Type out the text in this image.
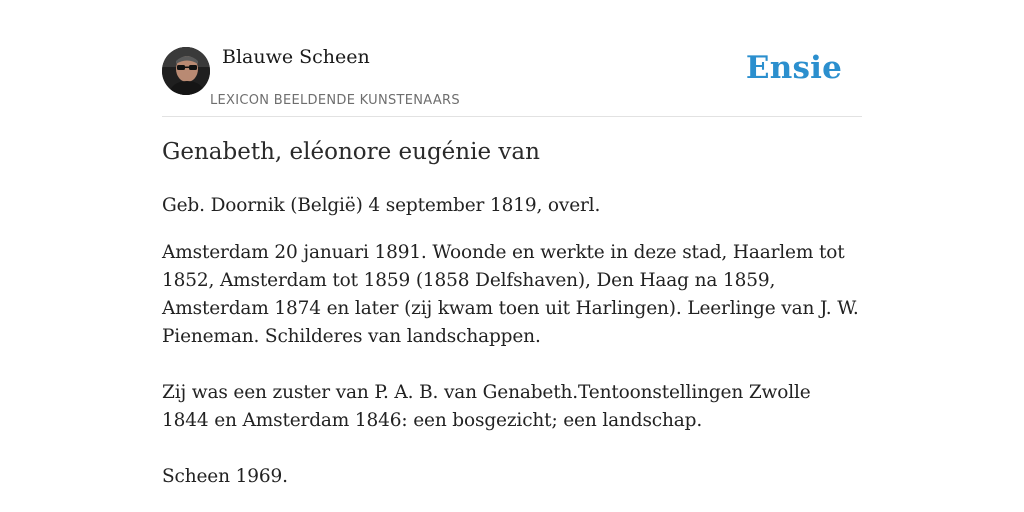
Blauwe Scheen
LEXICON BEELDENDE KUNSTENAARS
Ensie
Genabeth, eléonore eugénie van

Geb. Doornik (België) 4 september 1819, overl.

Amsterdam 20 januari 1891. Woonde en werkte in deze stad, Haarlem tot 1852, Amsterdam tot 1859 (1858 Delfshaven), Den Haag na 1859, Amsterdam 1874 en later (zij kwam toen uit Harlingen). Leerlinge van J. W. Pieneman. Schilderes van landschappen.

Zij was een zuster van P. A. B. van Genabeth.Tentoonstellingen Zwolle 1844 en Amsterdam 1846: een bosgezicht; een landschap.

Scheen 1969.
